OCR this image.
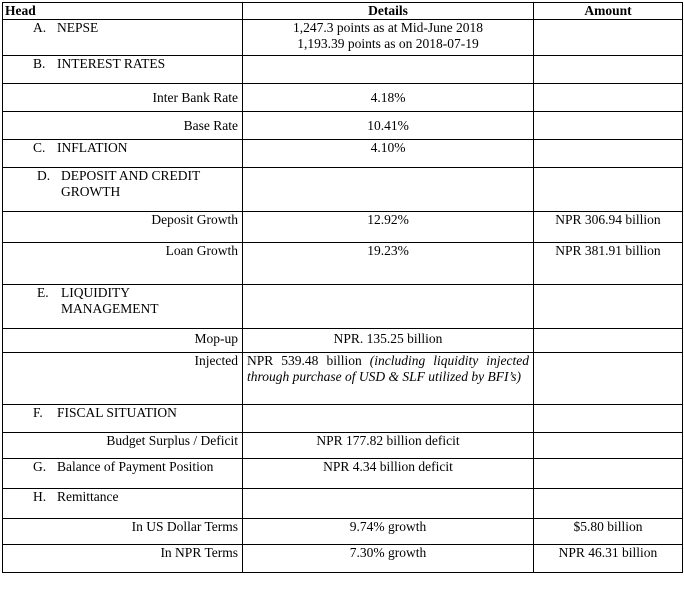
Head	Details	Amount
A. NEPSE	1,247.3 points as at Mid-June 2018
1,193.39 points as on 2018-07-19	

B. INTEREST RATES		
Inter Bank Rate	4.18%	
Base Rate	10.41%	
C. INFLATION	4.10%	

D. DEPOSIT AND CREDIT GROWTH		

Deposit Growth	12.92%	NPR 306.94 billion
Loan Growth	19.23%	NPR 381.91 billion

E. LIQUIDITY MANAGEMENT		

Mop-up	NPR. 135.25 billion	
Injected	NPR 539.48 billion (including liquidity injected through purchase of USD & SLF utilized by BFI’s)	
F. FISCAL SITUATION		
Budget Surplus / Deficit	NPR 177.82 billion deficit	
G. Balance of Payment Position	NPR 4.34 billion deficit	
H. Remittance		
In US Dollar Terms	9.74% growth	$5.80 billion
In NPR Terms	7.30% growth	NPR 46.31 billion
